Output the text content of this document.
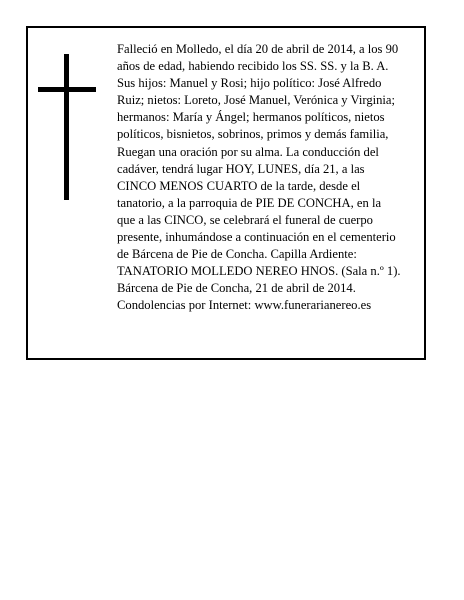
Falleció en Molledo, el día 20 de abril de 2014, a los 90
años de edad, habiendo recibido los SS. SS. y la B. A.
Sus hijos: Manuel y Rosi; hijo político: José Alfredo
Ruiz; nietos: Loreto, José Manuel, Verónica y Virginia;
hermanos: María y Ángel; hermanos políticos, nietos
políticos, bisnietos, sobrinos, primos y demás familia,
Ruegan una oración por su alma. La conducción del
cadáver, tendrá lugar HOY, LUNES, día 21, a las
CINCO MENOS CUARTO de la tarde, desde el
tanatorio, a la parroquia de PIE DE CONCHA, en la
que a las CINCO, se celebrará el funeral de cuerpo
presente, inhumándose a continuación en el cementerio
de Bárcena de Pie de Concha. Capilla Ardiente:
TANATORIO MOLLEDO NEREO HNOS. (Sala n.º 1).
Bárcena de Pie de Concha, 21 de abril de 2014.
Condolencias por Internet: www.funerarianereo.es
